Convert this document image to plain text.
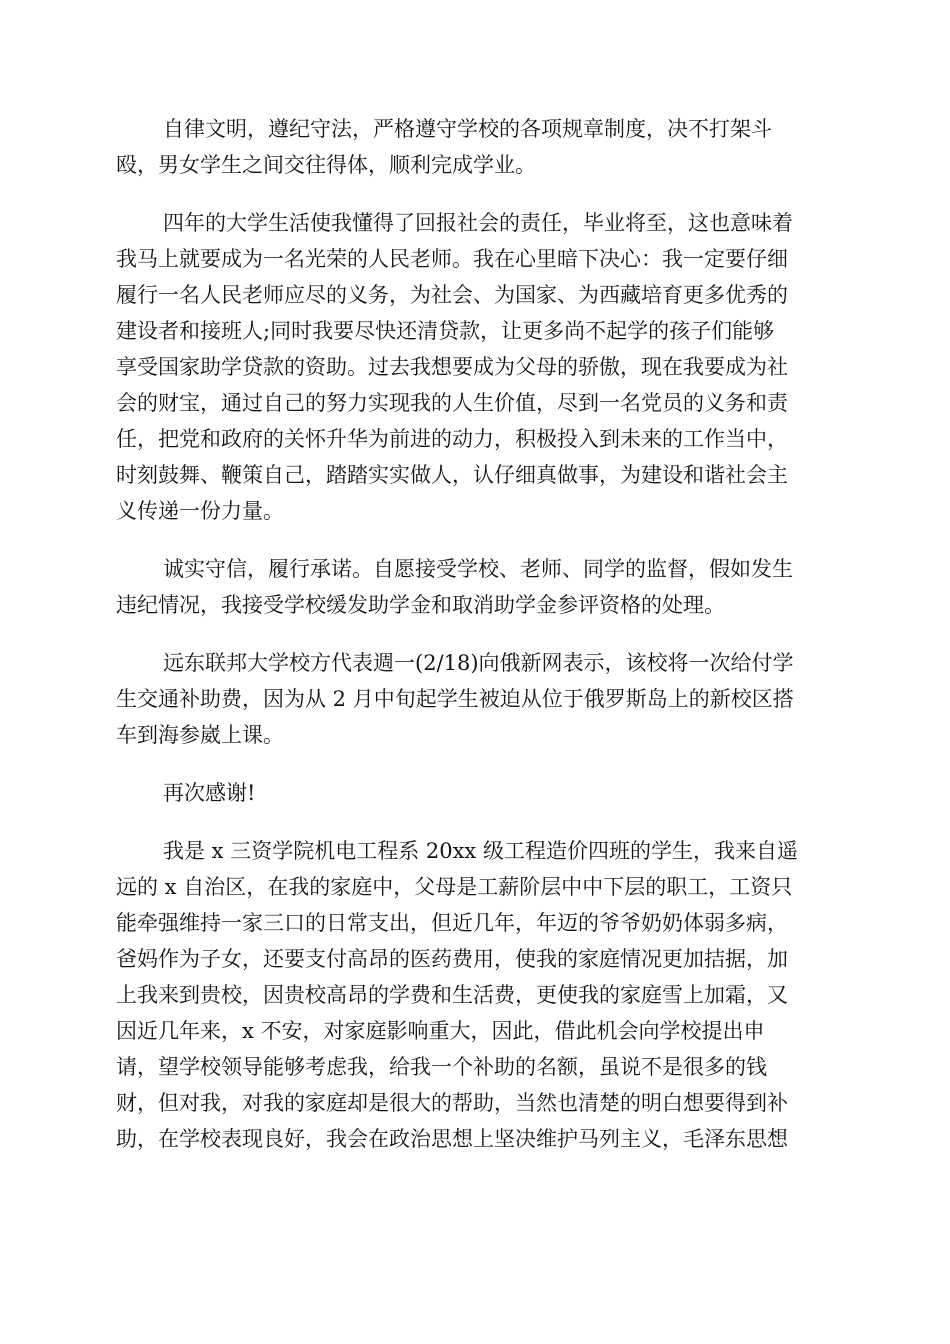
自律文明，遵纪守法，严格遵守学校的各项规章制度，决不打架斗
殴，男女学生之间交往得体，顺利完成学业。

四年的大学生活使我懂得了回报社会的责任，毕业将至，这也意味着
我马上就要成为一名光荣的人民老师。我在心里暗下决心：我一定要仔细
履行一名人民老师应尽的义务，为社会、为国家、为西藏培育更多优秀的
建设者和接班人;同时我要尽快还清贷款，让更多尚不起学的孩子们能够
享受国家助学贷款的资助。过去我想要成为父母的骄傲，现在我要成为社
会的财宝，通过自己的努力实现我的人生价值，尽到一名党员的义务和责
任，把党和政府的关怀升华为前进的动力，积极投入到未来的工作当中，
时刻鼓舞、鞭策自己，踏踏实实做人，认仔细真做事，为建设和谐社会主
义传递一份力量。

诚实守信，履行承诺。自愿接受学校、老师、同学的监督，假如发生
违纪情况，我接受学校缓发助学金和取消助学金参评资格的处理。

远东联邦大学校方代表週一(2/18)向俄新网表示，该校将一次给付学
生交通补助费，因为从 2 月中旬起学生被迫从位于俄罗斯岛上的新校区搭
车到海参崴上课。

再次感谢!

我是 x 三资学院机电工程系 20xx 级工程造价四班的学生，我来自遥
远的 x 自治区，在我的家庭中，父母是工薪阶层中中下层的职工，工资只
能牵强维持一家三口的日常支出，但近几年，年迈的爷爷奶奶体弱多病，
爸妈作为子女，还要支付高昂的医药费用，使我的家庭情况更加拮据，加
上我来到贵校，因贵校高昂的学费和生活费，更使我的家庭雪上加霜，又
因近几年来，x 不安，对家庭影响重大，因此，借此机会向学校提出申
请，望学校领导能够考虑我，给我一个补助的名额，虽说不是很多的钱
财，但对我，对我的家庭却是很大的帮助，当然也清楚的明白想要得到补
助，在学校表现良好，我会在政治思想上坚决维护马列主义，毛泽东思想
